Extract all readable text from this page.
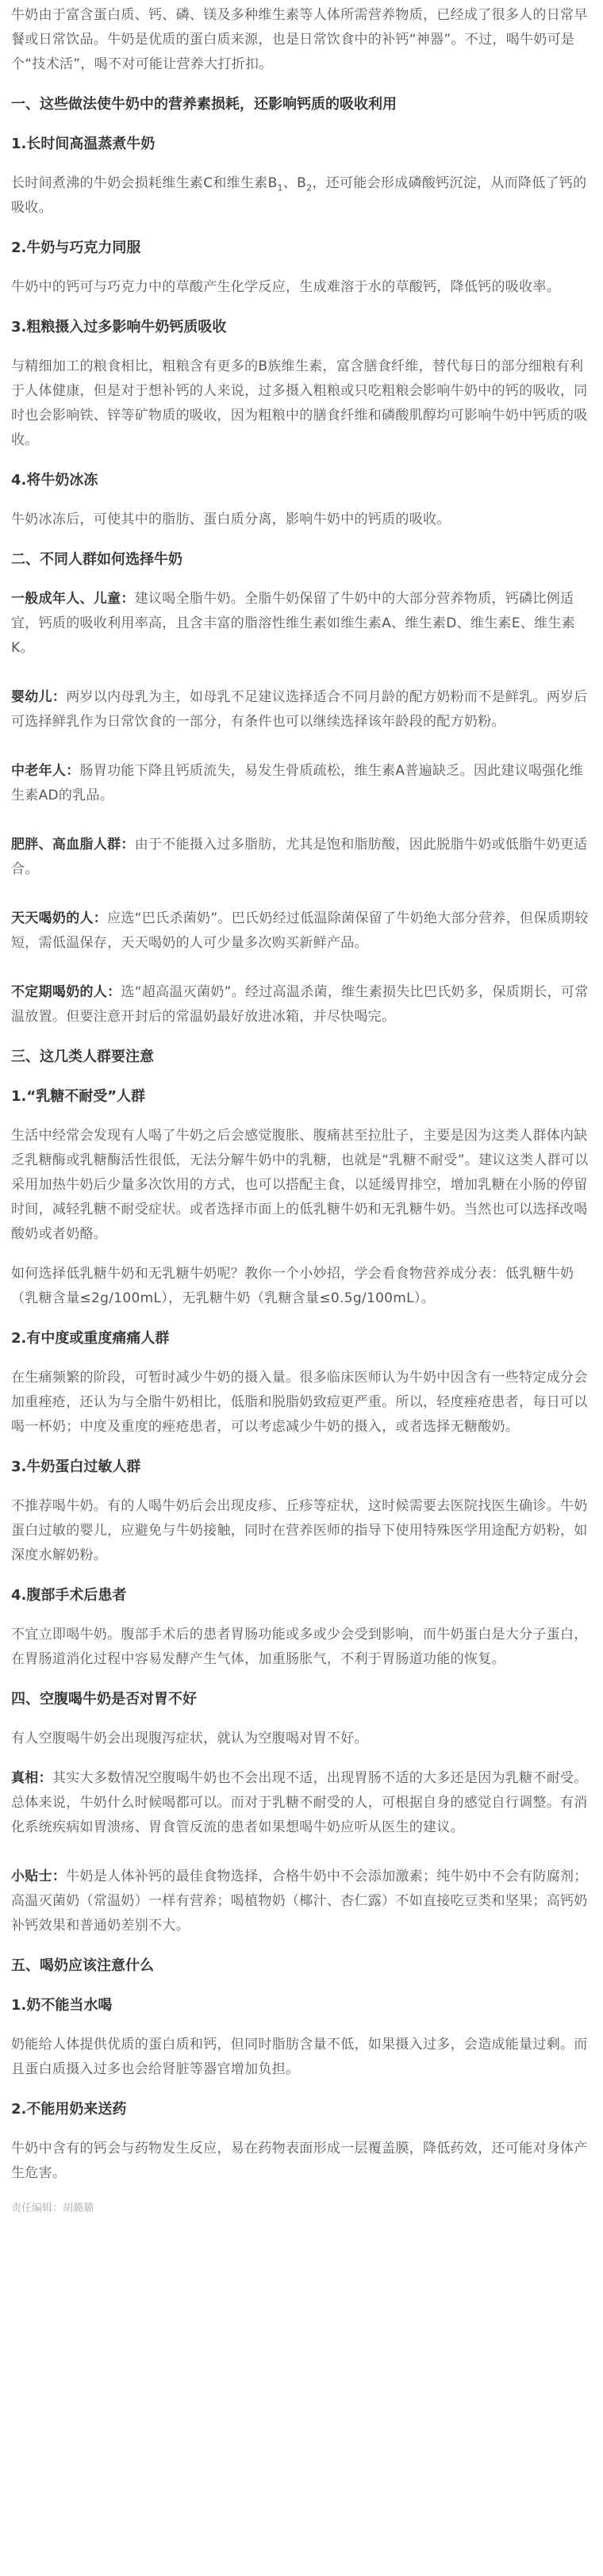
牛奶由于富含蛋白质、钙、磷、镁及多种维生素等人体所需营养物质，已经成了很多人的日常早餐或日常饮品。牛奶是优质的蛋白质来源，也是日常饮食中的补钙“神器”。不过，喝牛奶可是个“技术活”，喝不对可能让营养大打折扣。

一、这些做法使牛奶中的营养素损耗，还影响钙质的吸收利用
1.长时间高温蒸煮牛奶

长时间煮沸的牛奶会损耗维生素C和维生素$B_1$、$B_2$，还可能会形成磷酸钙沉淀，从而降低了钙的吸收。

2.牛奶与巧克力同服

牛奶中的钙可与巧克力中的草酸产生化学反应，生成难溶于水的草酸钙，降低钙的吸收率。

3.粗粮摄入过多影响牛奶钙质吸收

与精细加工的粮食相比，粗粮含有更多的B族维生素，富含膳食纤维，替代每日的部分细粮有利于人体健康，但是对于想补钙的人来说，过多摄入粗粮或只吃粗粮会影响牛奶中的钙的吸收，同时也会影响铁、锌等矿物质的吸收，因为粗粮中的膳食纤维和磷酸肌醇均可影响牛奶中钙质的吸收。

4.将牛奶冰冻

牛奶冰冻后，可使其中的脂肪、蛋白质分离，影响牛奶中的钙质的吸收。

二、不同人群如何选择牛奶

一般成年人、儿童：建议喝全脂牛奶。全脂牛奶保留了牛奶中的大部分营养物质，钙磷比例适宜，钙质的吸收利用率高，且含丰富的脂溶性维生素如维生素A、维生素D、维生素E、维生素K。

婴幼儿：两岁以内母乳为主，如母乳不足建议选择适合不同月龄的配方奶粉而不是鲜乳。两岁后可选择鲜乳作为日常饮食的一部分，有条件也可以继续选择该年龄段的配方奶粉。

中老年人：肠胃功能下降且钙质流失，易发生骨质疏松，维生素A普遍缺乏。因此建议喝强化维生素AD的乳品。

肥胖、高血脂人群：由于不能摄入过多脂肪，尤其是饱和脂肪酸，因此脱脂牛奶或低脂牛奶更适合。

天天喝奶的人：应选“巴氏杀菌奶”。巴氏奶经过低温除菌保留了牛奶绝大部分营养，但保质期较短，需低温保存，天天喝奶的人可少量多次购买新鲜产品。

不定期喝奶的人：选“超高温灭菌奶”。经过高温杀菌，维生素损失比巴氏奶多，保质期长，可常温放置。但要注意开封后的常温奶最好放进冰箱，并尽快喝完。

三、这几类人群要注意
1.“乳糖不耐受”人群

生活中经常会发现有人喝了牛奶之后会感觉腹胀、腹痛甚至拉肚子，主要是因为这类人群体内缺乏乳糖酶或乳糖酶活性很低，无法分解牛奶中的乳糖，也就是“乳糖不耐受”。建议这类人群可以采用加热牛奶后少量多次饮用的方式，也可以搭配主食，以延缓胃排空，增加乳糖在小肠的停留时间，减轻乳糖不耐受症状。或者选择市面上的低乳糖牛奶和无乳糖牛奶。当然也可以选择改喝酸奶或者奶酪。

如何选择低乳糖牛奶和无乳糖牛奶呢？教你一个小妙招，学会看食物营养成分表：低乳糖牛奶（乳糖含量≤2g/100mL），无乳糖牛奶（乳糖含量≤0.5g/100mL）。

2.有中度或重度痛痛人群

在生痛频繁的阶段，可暂时减少牛奶的摄入量。很多临床医师认为牛奶中因含有一些特定成分会加重痤疮，还认为与全脂牛奶相比，低脂和脱脂奶致痘更严重。所以，轻度痤疮患者，每日可以喝一杯奶；中度及重度的痤疮患者，可以考虑减少牛奶的摄入，或者选择无糖酸奶。

3.牛奶蛋白过敏人群

不推荐喝牛奶。有的人喝牛奶后会出现皮疹、丘疹等症状，这时候需要去医院找医生确诊。牛奶蛋白过敏的婴儿，应避免与牛奶接触，同时在营养医师的指导下使用特殊医学用途配方奶粉，如深度水解奶粉。

4.腹部手术后患者

不宜立即喝牛奶。腹部手术后的患者胃肠功能或多或少会受到影响，而牛奶蛋白是大分子蛋白，在胃肠道消化过程中容易发酵产生气体，加重肠胀气，不利于胃肠道功能的恢复。

四、空腹喝牛奶是否对胃不好

有人空腹喝牛奶会出现腹泻症状，就认为空腹喝对胃不好。

真相：其实大多数情况空腹喝牛奶也不会出现不适，出现胃肠不适的大多还是因为乳糖不耐受。总体来说，牛奶什么时候喝都可以。而对于乳糖不耐受的人，可根据自身的感觉自行调整。有消化系统疾病如胃溃疡、胃食管反流的患者如果想喝牛奶应听从医生的建议。

小贴士：牛奶是人体补钙的最佳食物选择，合格牛奶中不会添加激素；纯牛奶中不会有防腐剂；高温灭菌奶（常温奶）一样有营养；喝植物奶（椰汁、杏仁露）不如直接吃豆类和坚果；高钙奶补钙效果和普通奶差别不大。

五、喝奶应该注意什么
1.奶不能当水喝

奶能给人体提供优质的蛋白质和钙，但同时脂肪含量不低，如果摄入过多，会造成能量过剩。而且蛋白质摄入过多也会给肾脏等器官增加负担。

2.不能用奶来送药

牛奶中含有的钙会与药物发生反应，易在药物表面形成一层覆盖膜，降低药效，还可能对身体产生危害。

责任编辑：胡璐璐
